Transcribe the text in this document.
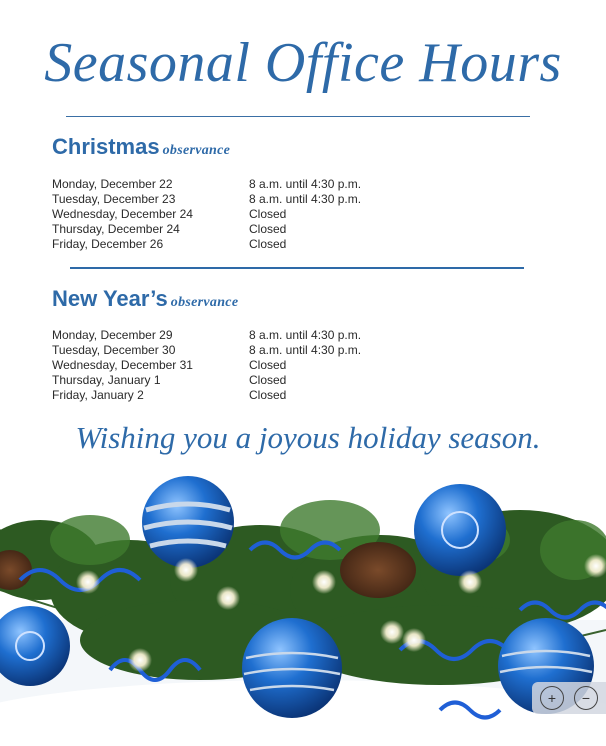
Seasonal Office Hours
Christmas observance
Monday, December 22	8 a.m. until 4:30 p.m.
Tuesday, December 23	8 a.m. until 4:30 p.m.
Wednesday, December 24	Closed
Thursday, December 24	Closed
Friday, December 26	Closed
New Year’s observance
Monday, December 29	8 a.m. until 4:30 p.m.
Tuesday, December 30	8 a.m. until 4:30 p.m.
Wednesday, December 31	Closed
Thursday, January 1	Closed
Friday, January 2	Closed
Wishing you a joyous holiday season.
+	−
